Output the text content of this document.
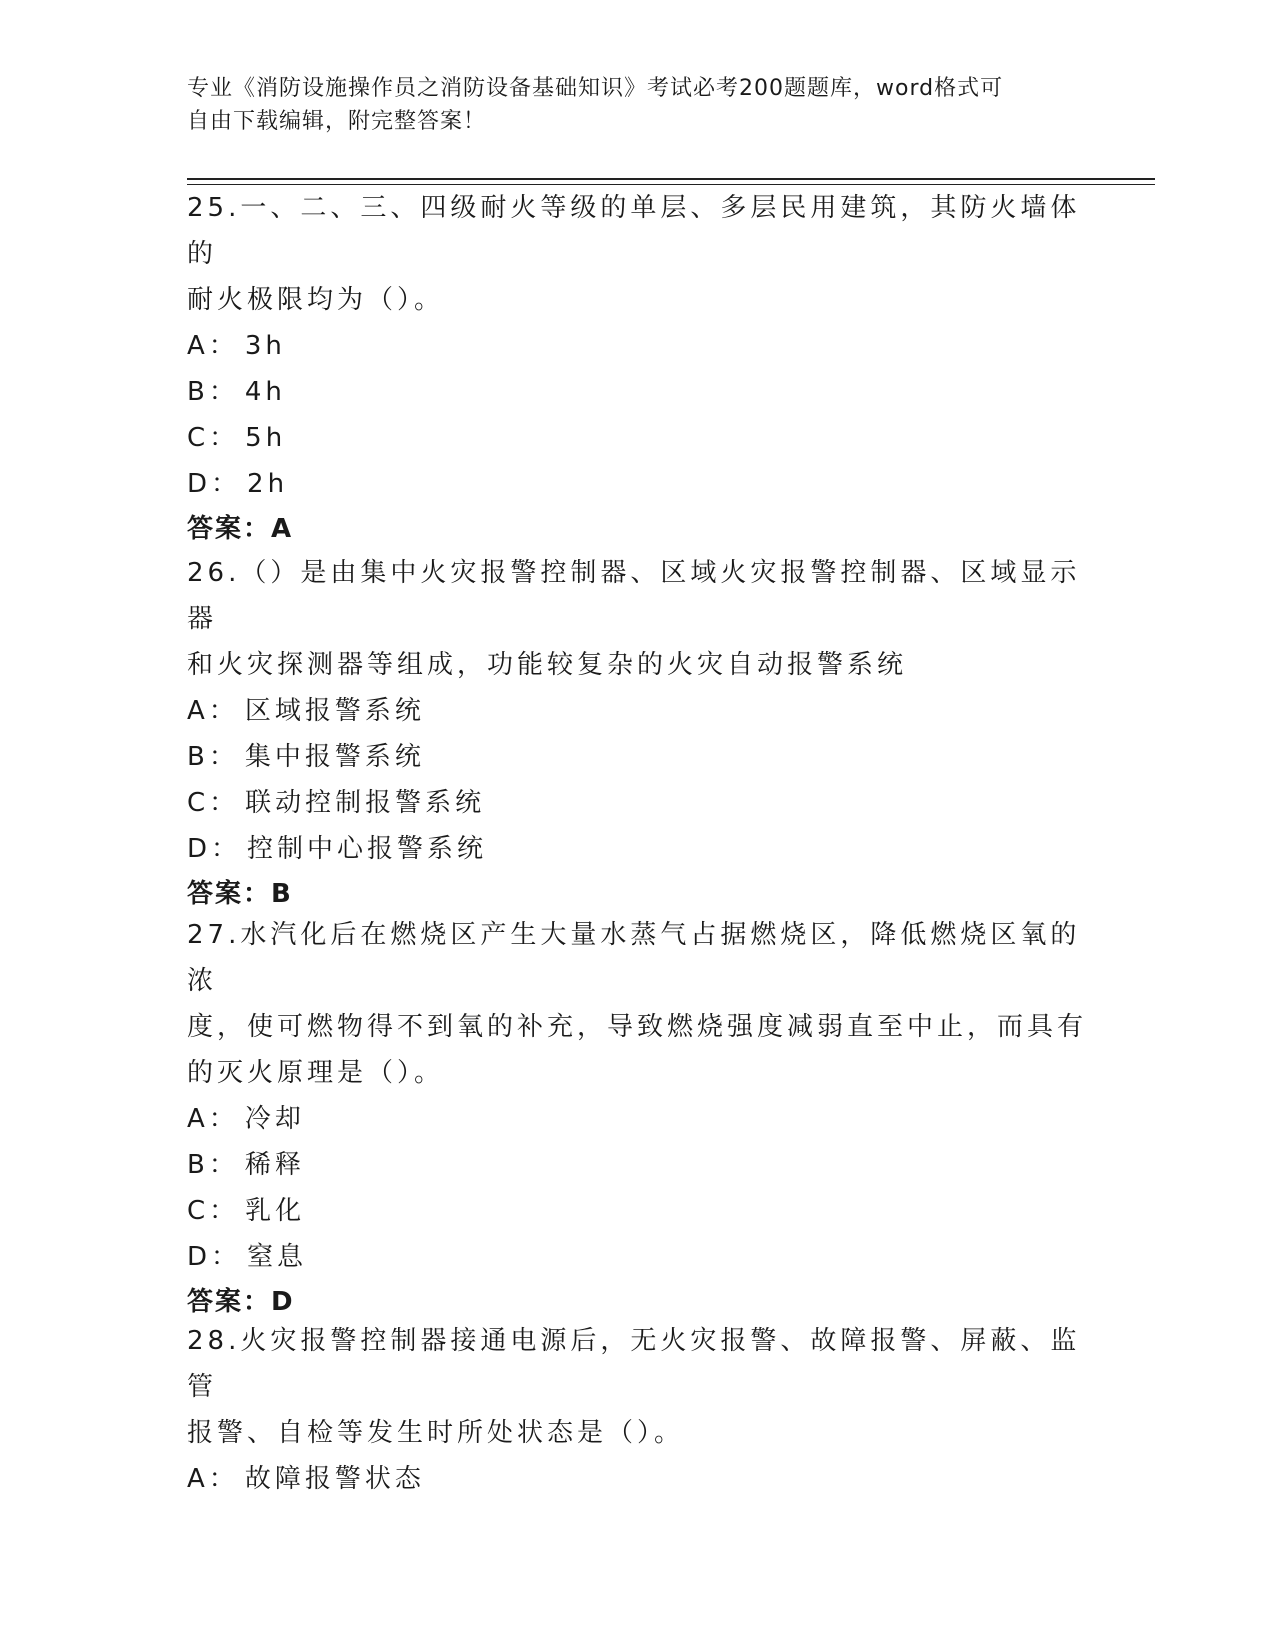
专业《消防设施操作员之消防设备基础知识》考试必考200题题库，word格式可
自由下载编辑，附完整答案！

25.一、二、三、四级耐火等级的单层、多层民用建筑，其防火墙体的

耐火极限均为（）。

A： 3h

B： 4h

C： 5h

D： 2h

答案：A

26.（）是由集中火灾报警控制器、区域火灾报警控制器、区域显示器

和火灾探测器等组成，功能较复杂的火灾自动报警系统

A： 区域报警系统

B： 集中报警系统

C： 联动控制报警系统

D： 控制中心报警系统

答案：B

27.水汽化后在燃烧区产生大量水蒸气占据燃烧区，降低燃烧区氧的浓

度，使可燃物得不到氧的补充，导致燃烧强度减弱直至中止，而具有

的灭火原理是（）。

A： 冷却

B： 稀释

C： 乳化

D： 窒息

答案：D

28.火灾报警控制器接通电源后，无火灾报警、故障报警、屏蔽、监管

报警、自检等发生时所处状态是（）。

A： 故障报警状态
